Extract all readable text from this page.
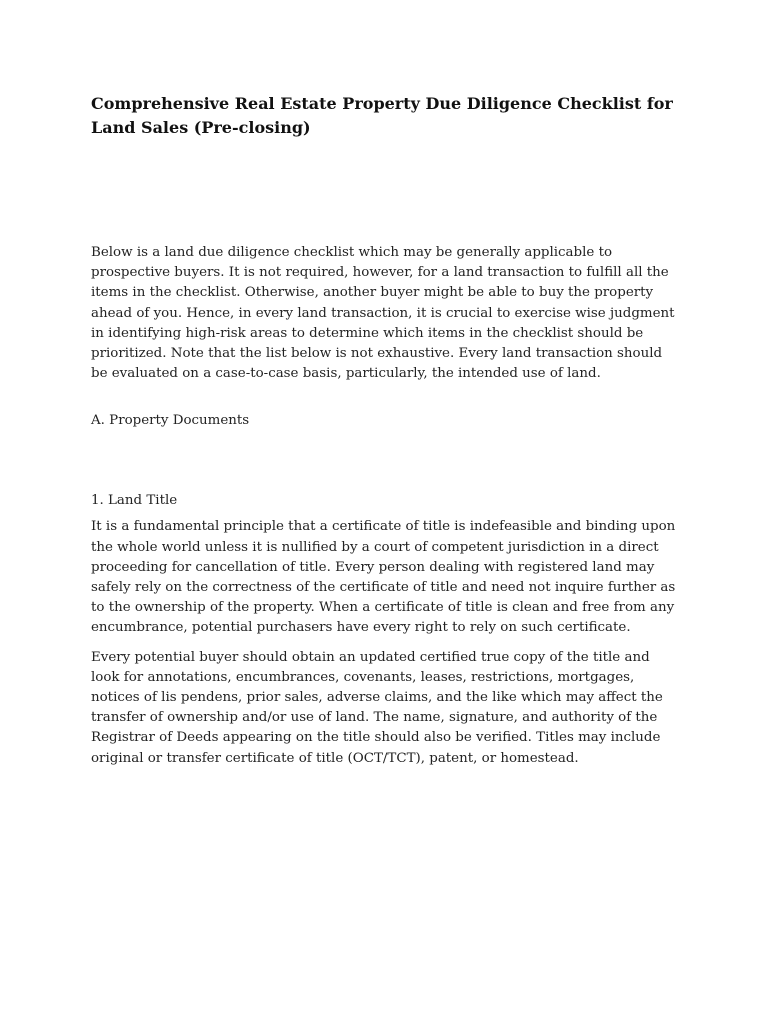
Comprehensive Real Estate Property Due Diligence Checklist for Land Sales (Pre-closing)

Below is a land due diligence checklist which may be generally applicable to prospective buyers. It is not required, however, for a land transaction to fulfill all the items in the checklist. Otherwise, another buyer might be able to buy the property ahead of you. Hence, in every land transaction, it is crucial to exercise wise judgment in identifying high-risk areas to determine which items in the checklist should be prioritized. Note that the list below is not exhaustive. Every land transaction should be evaluated on a case-to-case basis, particularly, the intended use of land.

A. Property Documents

1. Land Title

It is a fundamental principle that a certificate of title is indefeasible and binding upon the whole world unless it is nullified by a court of competent jurisdiction in a direct proceeding for cancellation of title. Every person dealing with registered land may safely rely on the correctness of the certificate of title and need not inquire further as to the ownership of the property. When a certificate of title is clean and free from any encumbrance, potential purchasers have every right to rely on such certificate.

Every potential buyer should obtain an updated certified true copy of the title and look for annotations, encumbrances, covenants, leases, restrictions, mortgages, notices of lis pendens, prior sales, adverse claims, and the like which may affect the transfer of ownership and/or use of land. The name, signature, and authority of the Registrar of Deeds appearing on the title should also be verified. Titles may include original or transfer certificate of title (OCT/TCT), patent, or homestead.
